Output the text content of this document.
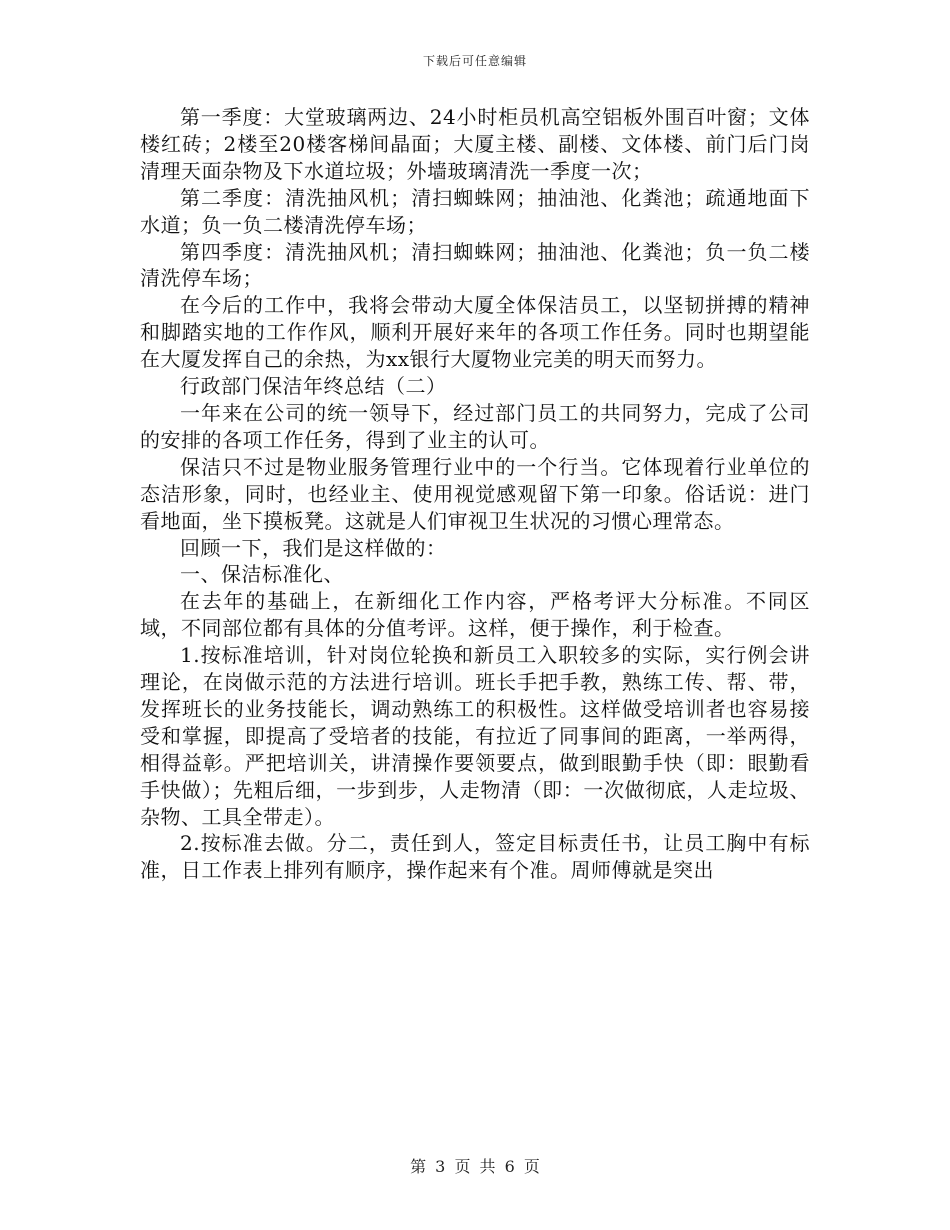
下载后可任意编辑

第一季度：大堂玻璃两边、24小时柜员机高空铝板外围百叶窗；文体楼红砖；2楼至20楼客梯间晶面；大厦主楼、副楼、文体楼、前门后门岗清理天面杂物及下水道垃圾；外墙玻璃清洗一季度一次；

第二季度：清洗抽风机；清扫蜘蛛网；抽油池、化粪池；疏通地面下水道；负一负二楼清洗停车场；

第四季度：清洗抽风机；清扫蜘蛛网；抽油池、化粪池；负一负二楼清洗停车场；

在今后的工作中，我将会带动大厦全体保洁员工，以坚韧拼搏的精神和脚踏实地的工作作风，顺利开展好来年的各项工作任务。同时也期望能在大厦发挥自己的余热，为xx银行大厦物业完美的明天而努力。

行政部门保洁年终总结（二）

一年来在公司的统一领导下，经过部门员工的共同努力，完成了公司的安排的各项工作任务，得到了业主的认可。

保洁只不过是物业服务管理行业中的一个行当。它体现着行业单位的态洁形象，同时，也经业主、使用视觉感观留下第一印象。俗话说：进门看地面，坐下摸板凳。这就是人们审视卫生状况的习惯心理常态。

回顾一下，我们是这样做的：

一、保洁标准化、

在去年的基础上，在新细化工作内容，严格考评大分标准。不同区域，不同部位都有具体的分值考评。这样，便于操作，利于检查。

1.按标准培训，针对岗位轮换和新员工入职较多的实际，实行例会讲理论，在岗做示范的方法进行培训。班长手把手教，熟练工传、帮、带，发挥班长的业务技能长，调动熟练工的积极性。这样做受培训者也容易接受和掌握，即提高了受培者的技能，有拉近了同事间的距离，一举两得，相得益彰。严把培训关，讲清操作要领要点，做到眼勤手快（即：眼勤看手快做）；先粗后细，一步到步，人走物清（即：一次做彻底，人走垃圾、杂物、工具全带走）。

2.按标准去做。分二，责任到人，签定目标责任书，让员工胸中有标准，日工作表上排列有顺序，操作起来有个准。周师傅就是突出

第 3 页 共 6 页
